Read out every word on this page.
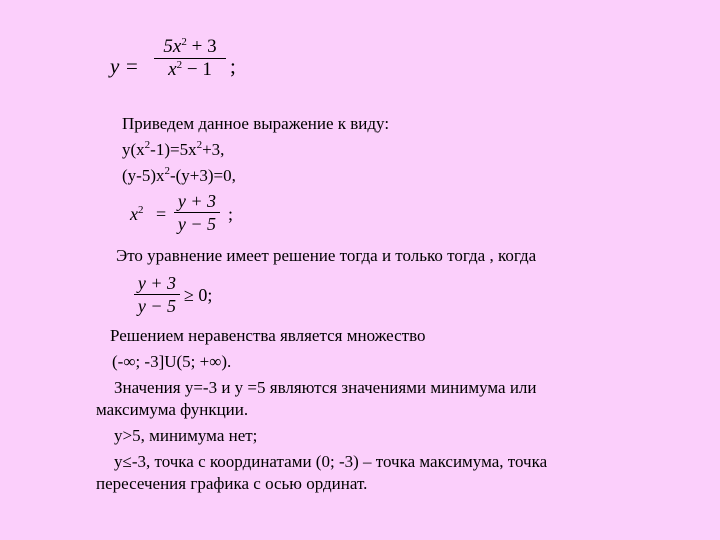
y =
$5x^2 + 3$
$x^2 - 1$ ;
Приведем данное выражение к виду:
$y(x^2-1)=5x^2+3$,
$(y-5)x^2-(y+3)=0$,
$x^2$ =
y + 3
y − 5 ;
Это уравнение имеет решение тогда и только тогда , когда
y + 3
y − 5
≥ 0;
Решением неравенства является множество
(-∞; -3]U(5; +∞).
Значения y=-3 и y =5 являются значениями минимума или
максимума функции.
y>5, минимума нет;
y≤-3, точка с координатами (0; -3) – точка максимума, точка
пересечения графика с осью ординат.
